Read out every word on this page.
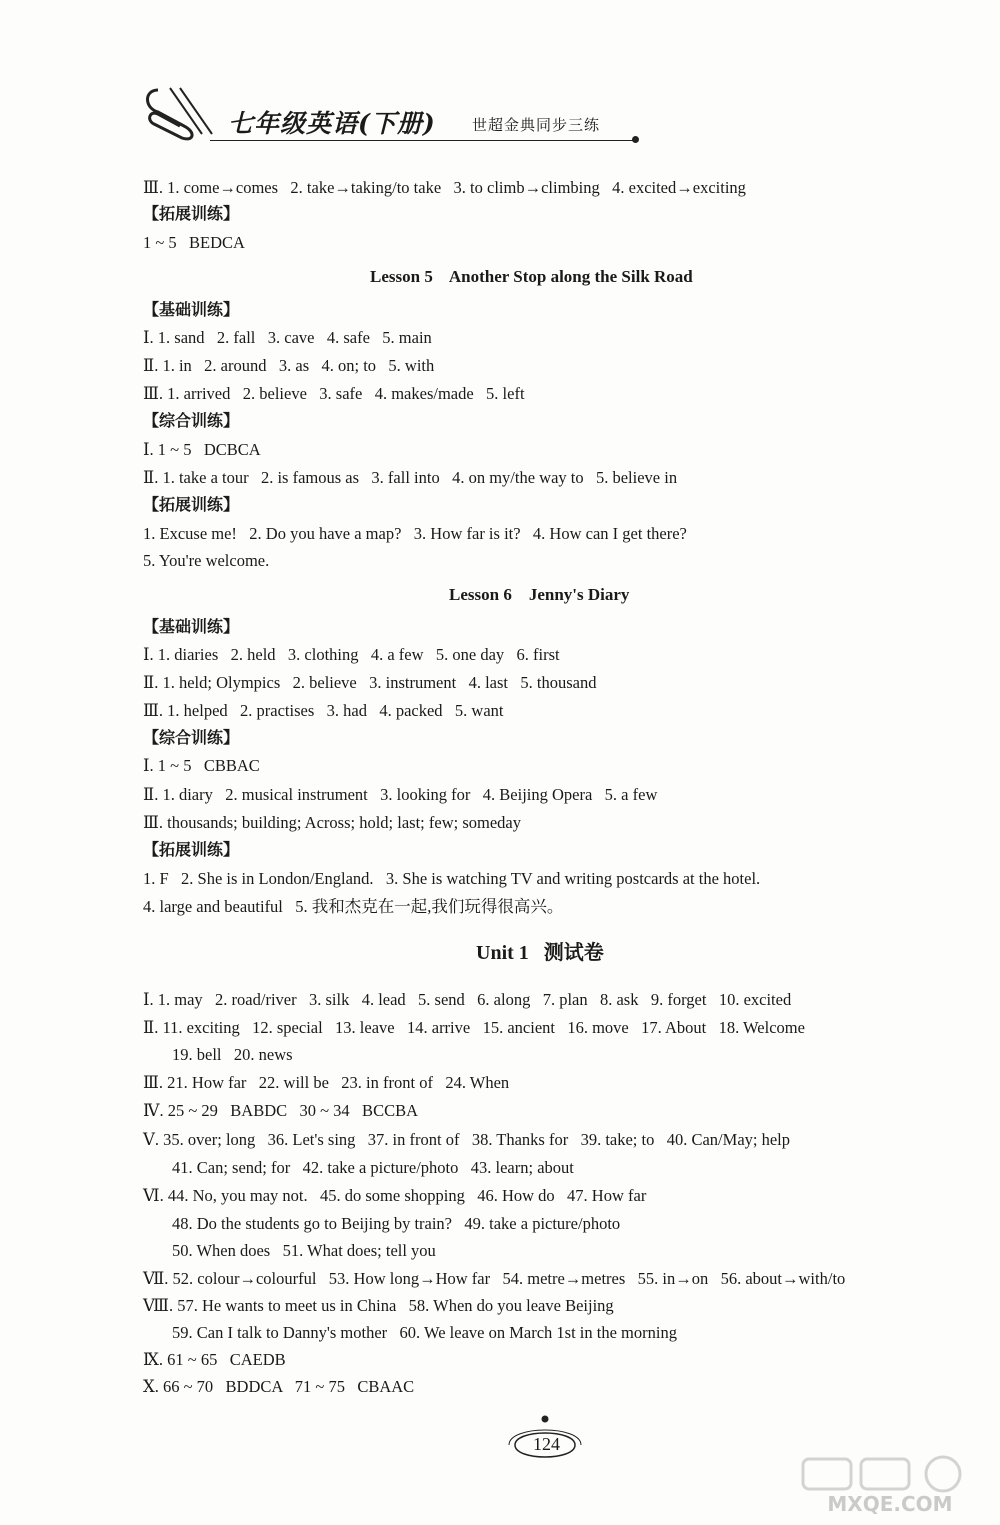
七年级英语(下册) 世超金典同步三练
Ⅲ. 1. come→comes   2. take→taking/to take   3. to climb→climbing   4. excited→exciting
【拓展训练】
1 ~ 5   BEDCA
Lesson 5    Another Stop along the Silk Road
【基础训练】
Ⅰ. 1. sand   2. fall   3. cave   4. safe   5. main
Ⅱ. 1. in   2. around   3. as   4. on; to   5. with
Ⅲ. 1. arrived   2. believe   3. safe   4. makes/made   5. left
【综合训练】
Ⅰ. 1 ~ 5   DCBCA
Ⅱ. 1. take a tour   2. is famous as   3. fall into   4. on my/the way to   5. believe in
【拓展训练】
1. Excuse me!   2. Do you have a map?   3. How far is it?   4. How can I get there?
5. You're welcome.
Lesson 6    Jenny's Diary
【基础训练】
Ⅰ. 1. diaries   2. held   3. clothing   4. a few   5. one day   6. first
Ⅱ. 1. held; Olympics   2. believe   3. instrument   4. last   5. thousand
Ⅲ. 1. helped   2. practises   3. had   4. packed   5. want
【综合训练】
Ⅰ. 1 ~ 5   CBBAC
Ⅱ. 1. diary   2. musical instrument   3. looking for   4. Beijing Opera   5. a few
Ⅲ. thousands; building; Across; hold; last; few; someday
【拓展训练】
1. F   2. She is in London/England.   3. She is watching TV and writing postcards at the hotel.
4. large and beautiful   5. 我和杰克在一起,我们玩得很高兴。
Unit 1   测试卷
Ⅰ. 1. may   2. road/river   3. silk   4. lead   5. send   6. along   7. plan   8. ask   9. forget   10. excited
Ⅱ. 11. exciting   12. special   13. leave   14. arrive   15. ancient   16. move   17. About   18. Welcome
19. bell   20. news
Ⅲ. 21. How far   22. will be   23. in front of   24. When
Ⅳ. 25 ~ 29   BABDC   30 ~ 34   BCCBA
Ⅴ. 35. over; long   36. Let's sing   37. in front of   38. Thanks for   39. take; to   40. Can/May; help
41. Can; send; for   42. take a picture/photo   43. learn; about
Ⅵ. 44. No, you may not.   45. do some shopping   46. How do   47. How far
48. Do the students go to Beijing by train?   49. take a picture/photo
50. When does   51. What does; tell you
Ⅶ. 52. colour→colourful   53. How long→How far   54. metre→metres   55. in→on   56. about→with/to
Ⅷ. 57. He wants to meet us in China   58. When do you leave Beijing
59. Can I talk to Danny's mother   60. We leave on March 1st in the morning
Ⅸ. 61 ~ 65   CAEDB
Ⅹ. 66 ~ 70   BDDCA   71 ~ 75   CBAAC
124
MXQE.COM
